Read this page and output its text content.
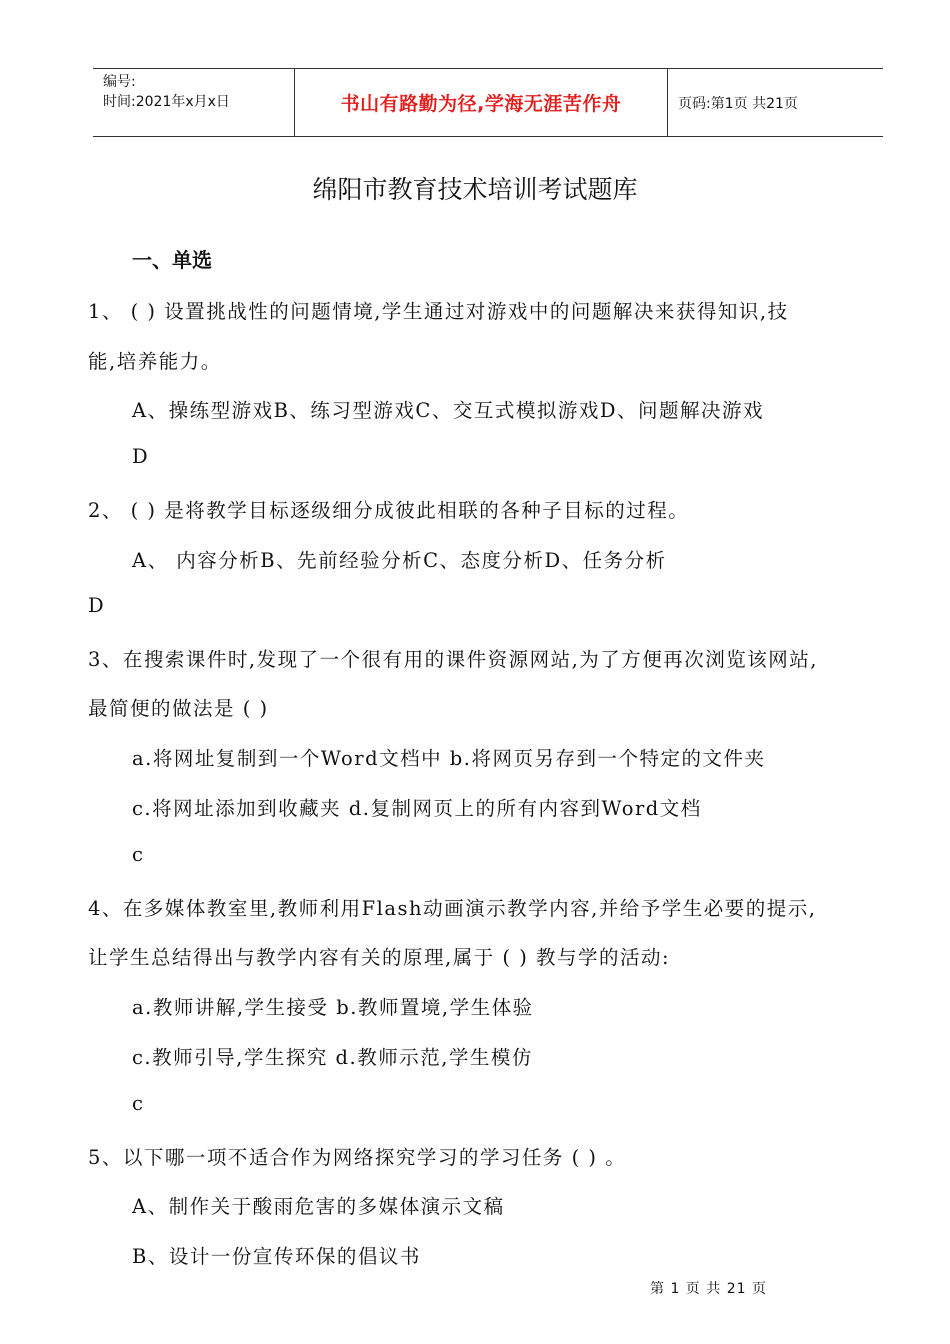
编号:
时间:2021年x月x日	书山有路勤为径,学海无涯苦作舟	页码:第1页 共21页
绵阳市教育技术培训考试题库
一、单选
1、 ( ) 设置挑战性的问题情境,学生通过对游戏中的问题解决来获得知识,技
能,培养能力。
A、操练型游戏B、练习型游戏C、交互式模拟游戏D、问题解决游戏
D
2、 ( ) 是将教学目标逐级细分成彼此相联的各种子目标的过程。
A、 内容分析B、先前经验分析C、态度分析D、任务分析
D
3、在搜索课件时,发现了一个很有用的课件资源网站,为了方便再次浏览该网站,
最简便的做法是 ( )
a.将网址复制到一个Word文档中 b.将网页另存到一个特定的文件夹
c.将网址添加到收藏夹 d.复制网页上的所有内容到Word文档
c
4、在多媒体教室里,教师利用Flash动画演示教学内容,并给予学生必要的提示,
让学生总结得出与教学内容有关的原理,属于 ( ) 教与学的活动:
a.教师讲解,学生接受 b.教师置境,学生体验
c.教师引导,学生探究 d.教师示范,学生模仿
c
5、以下哪一项不适合作为网络探究学习的学习任务 ( ) 。
A、制作关于酸雨危害的多媒体演示文稿
B、设计一份宣传环保的倡议书
第 1 页 共 21 页
